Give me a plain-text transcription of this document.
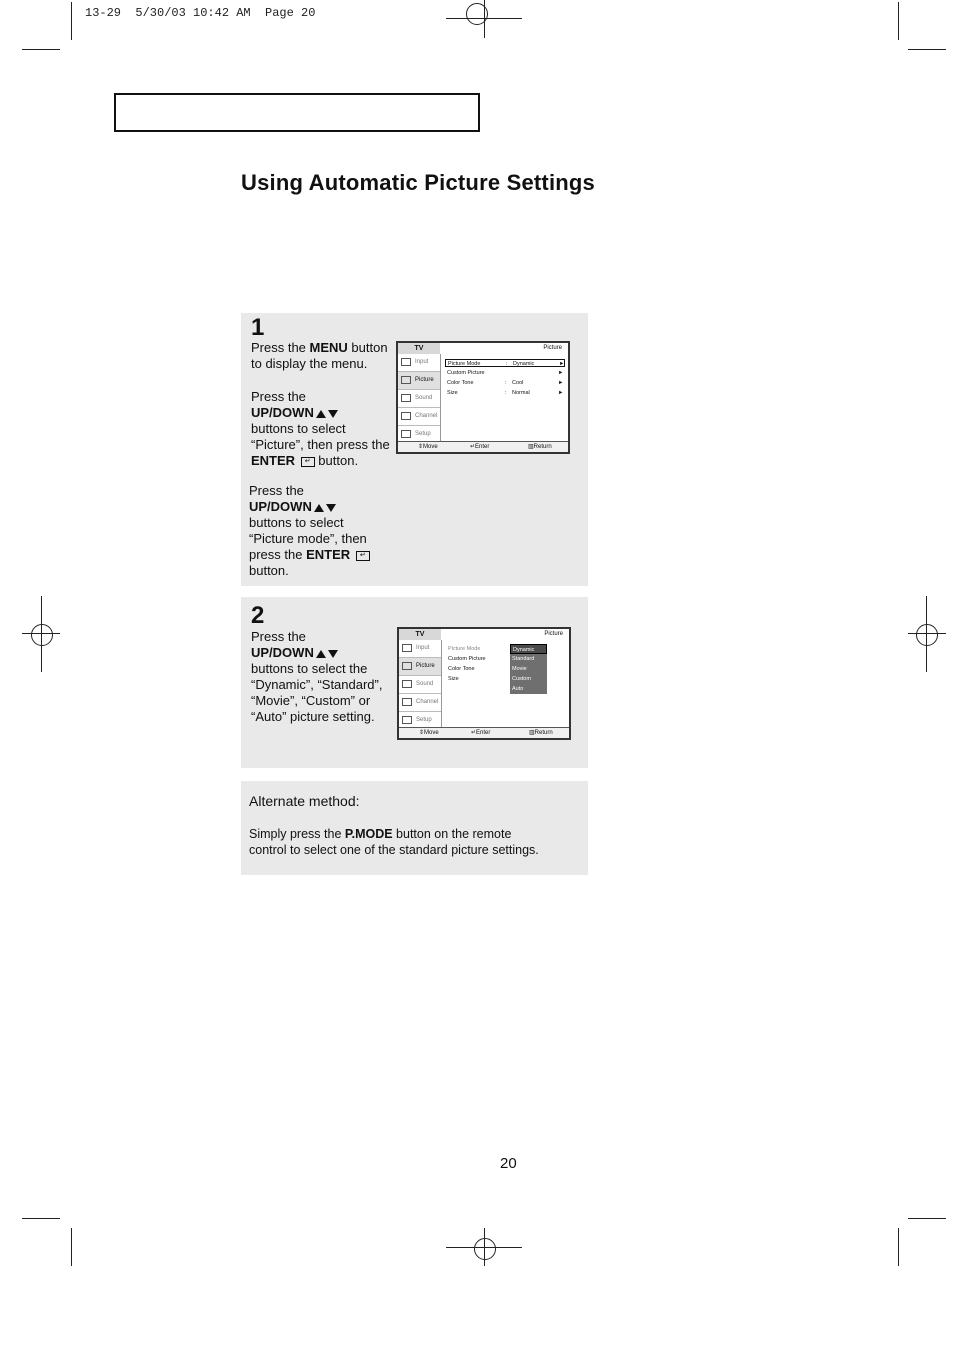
13-29  5/30/03 10:42 AM  Page 20
Using Automatic Picture Settings
1
Press the MENU button
to display the menu.
Press the
UP/DOWN
buttons to select
“Picture”, then press the
ENTER ↵ button.
Press the
UP/DOWN
buttons to select
“Picture mode”, then
press the ENTER ↵
button.
TV	Picture
Input
Picture
Sound
Channel
Setup
Picture Mode	: Dynamic	►
Custom Picture	►
Color Tone	: Cool	►
Size	: Normal	►
⇕ Move	↵ Enter	▥ Return
2
Press the
UP/DOWN
buttons to select the
“Dynamic”, “Standard”,
“Movie”, “Custom” or
“Auto” picture setting.
TV	Picture
Input
Picture
Sound
Channel
Setup
Picture Mode
Custom Picture
Color Tone
Size
Dynamic
Standard
Movie
Custom
Auto
⇕ Move	↵ Enter	▥ Return
Alternate method:
Simply press the P.MODE button on the remote
control to select one of the standard picture settings.
20
